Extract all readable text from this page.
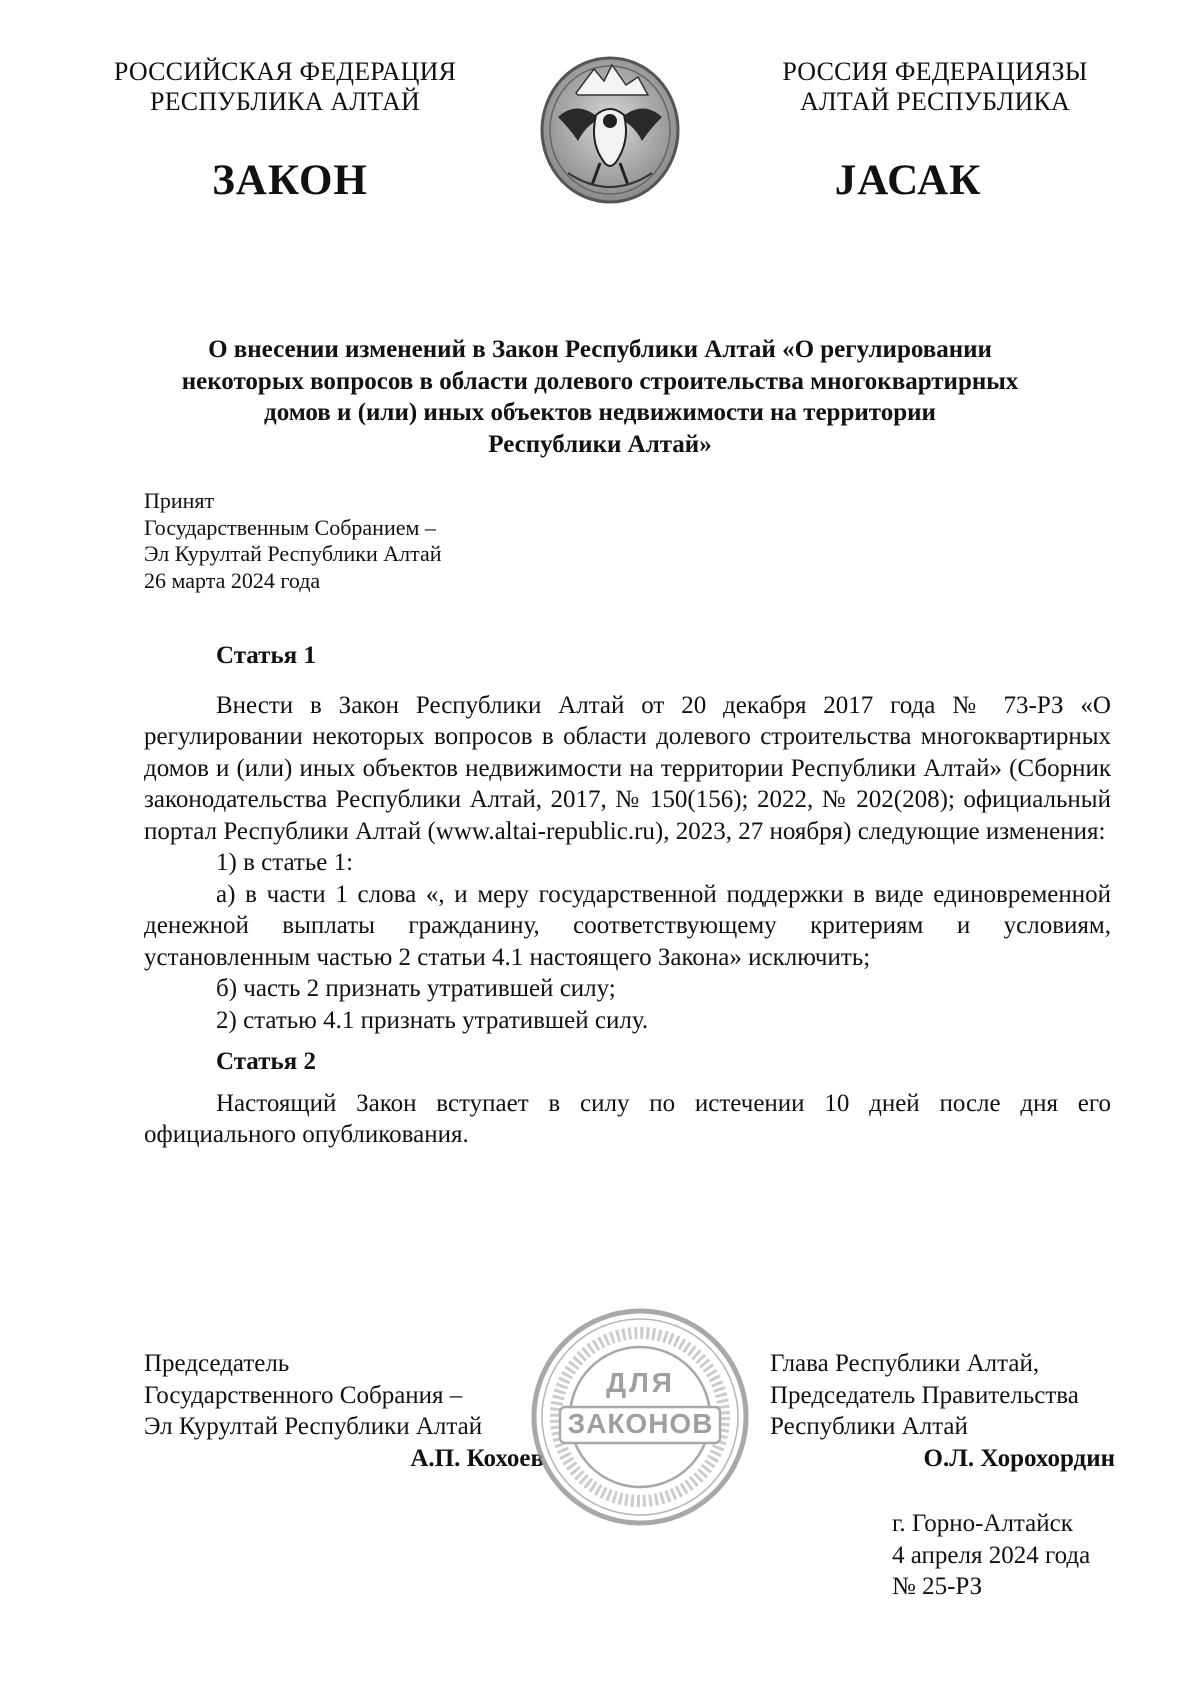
РОССИЙСКАЯ ФЕДЕРАЦИЯ
РЕСПУБЛИКА АЛТАЙ
РОССИЯ ФЕДЕРАЦИЯЗЫ
АЛТАЙ РЕСПУБЛИКА
ЗАКОН	JАСАК
О внесении изменений в Закон Республики Алтай «О регулировании
некоторых вопросов в области долевого строительства многоквартирных
домов и (или) иных объектов недвижимости на территории
Республики Алтай»
Принят
Государственным Собранием –
Эл Курултай Республики Алтай
26 марта 2024 года
Статья 1

Внести в Закон Республики Алтай от 20 декабря 2017 года № 73-РЗ «О регулировании некоторых вопросов в области долевого строительства многоквартирных домов и (или) иных объектов недвижимости на территории Республики Алтай» (Сборник законодательства Республики Алтай, 2017, № 150(156); 2022, № 202(208); официальный портал Республики Алтай (www.altai-republic.ru), 2023, 27 ноября) следующие изменения:

1) в статье 1:

а) в части 1 слова «, и меру государственной поддержки в виде единовременной денежной выплаты гражданину, соответствующему критериям и условиям, установленным частью 2 статьи 4.1 настоящего Закона» исключить;

б) часть 2 признать утратившей силу;

2) статью 4.1 признать утратившей силу.

Статья 2

Настоящий Закон вступает в силу по истечении 10 дней после дня его официального опубликования.

Председатель
Государственного Собрания –
Эл Курултай Республики Алтай
А.П. Кохоев
Глава Республики Алтай,
Председатель Правительства
Республики Алтай
О.Л. Хорохордин
ДЛЯ
ЗАКОНОВ
г. Горно-Алтайск
4 апреля 2024 года
№ 25-РЗ
